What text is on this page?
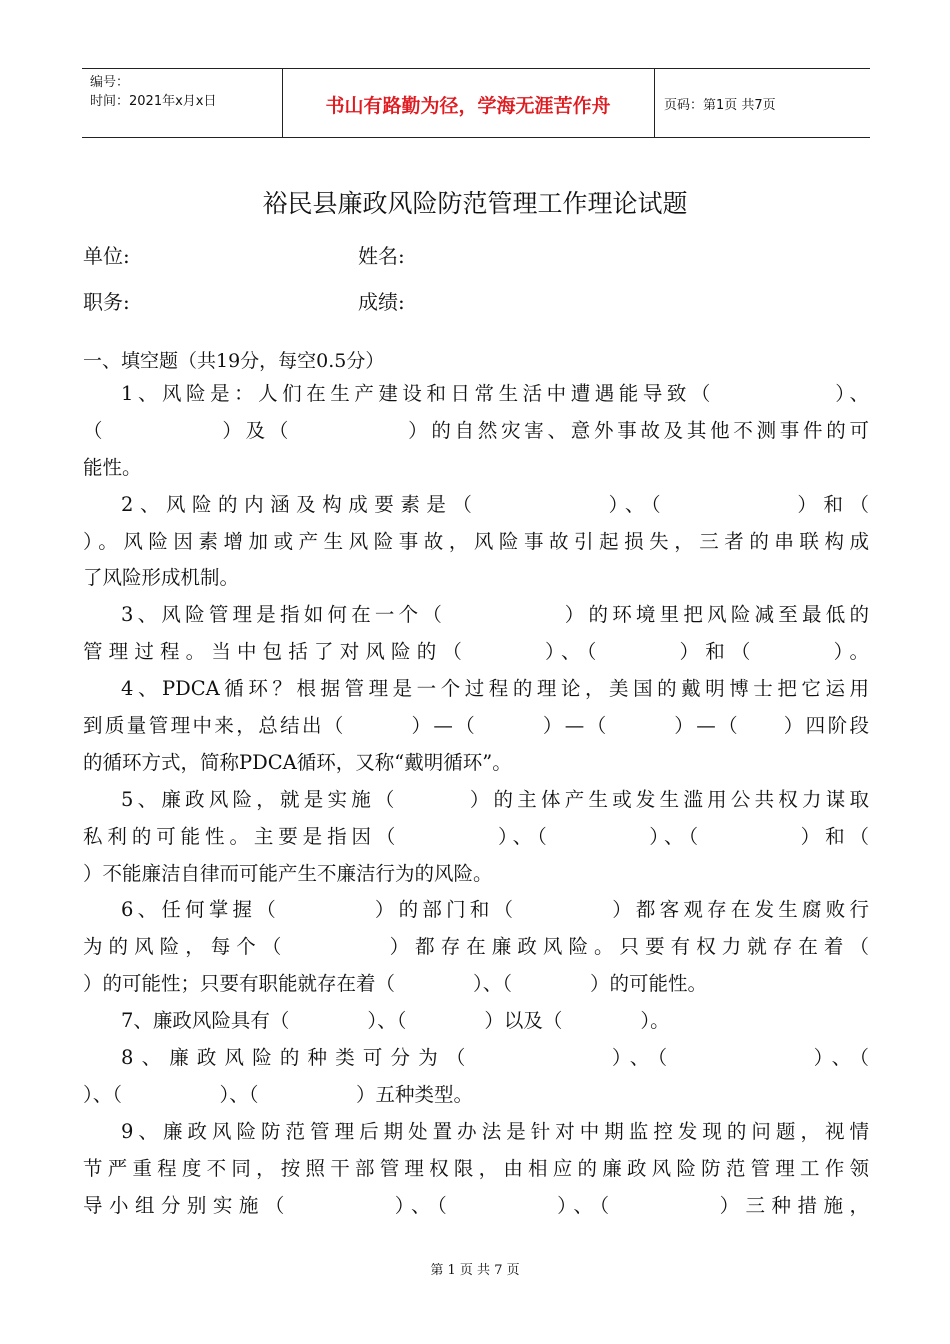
编号：
时间：2021年x月x日	书山有路勤为径，学海无涯苦作舟	页码：第1页 共7页
裕民县廉政风险防范管理工作理论试题
单位:	姓名:
职务:	成绩:
一、填空题（共19分，每空0.5分）
1、风险是：人们在生产建设和日常生活中遭遇能导致（　　　　　）、
（　　　　　）及（　　　　　）的自然灾害、意外事故及其他不测事件的可
能性。
2、风险的内涵及构成要素是（　　　　　）、（　　　　　）和（
）。风险因素增加或产生风险事故，风险事故引起损失，三者的串联构成
了风险形成机制。
3、风险管理是指如何在一个（　　　　　）的环境里把风险减至最低的
管理过程。当中包括了对风险的（　　　）、（　　　）和（　　　）。
4、PDCA循环？根据管理是一个过程的理论，美国的戴明博士把它运用
到质量管理中来，总结出（　　　）—（　　　）—（　　　）—（　　）四阶段
的循环方式，简称PDCA循环，又称“戴明循环”。
5、廉政风险，就是实施（　　　）的主体产生或发生滥用公共权力谋取
私利的可能性。主要是指因（　　　　）、（　　　　）、（　　　　）和（
）不能廉洁自律而可能产生不廉洁行为的风险。
6、任何掌握（　　　　）的部门和（　　　　）都客观存在发生腐败行
为的风险，每个（　　　　）都存在廉政风险。只要有权力就存在着（
）的可能性；只要有职能就存在着（　　　　）、（　　　　）的可能性。
7、廉政风险具有（　　　　）、（　　　　）以及（　　　　）。
8、廉政风险的种类可分为（　　　　　）、（　　　　　）、（
）、（　　　　　）、（　　　　　）五种类型。
9、廉政风险防范管理后期处置办法是针对中期监控发现的问题，视情
节严重程度不同，按照干部管理权限，由相应的廉政风险防范管理工作领
导小组分别实施（　　　　）、（　　　　）、（　　　　）三种措施，
第 1 页 共 7 页
